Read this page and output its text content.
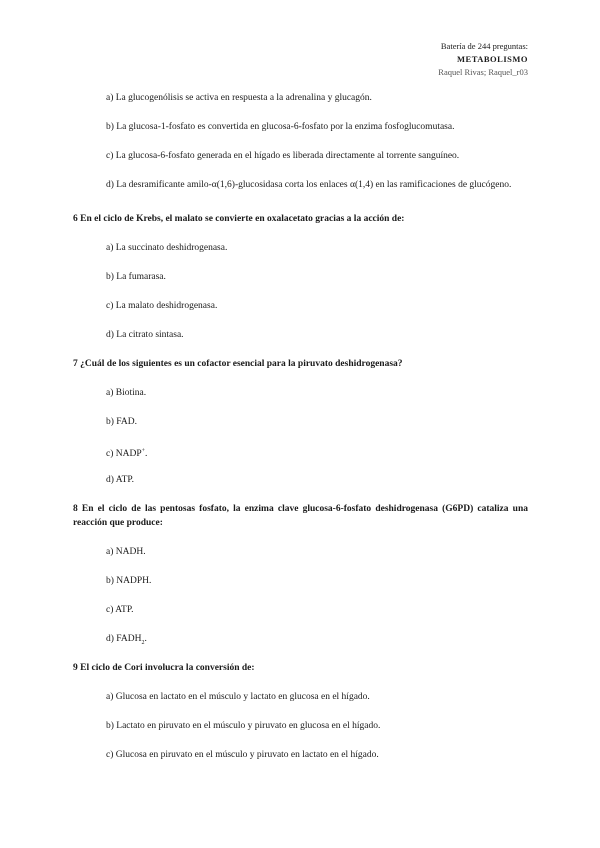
Batería de 244 preguntas:
METABOLISMO
Raquel Rivas; Raquel_r03
a) La glucogenólisis se activa en respuesta a la adrenalina y glucagón.
b) La glucosa-1-fosfato es convertida en glucosa-6-fosfato por la enzima fosfoglucomutasa.
c) La glucosa-6-fosfato generada en el hígado es liberada directamente al torrente sanguíneo.
d) La desramificante amilo-α(1,6)-glucosidasa corta los enlaces α(1,4) en las ramificaciones de glucógeno.
6 En el ciclo de Krebs, el malato se convierte en oxalacetato gracias a la acción de:
a) La succinato deshidrogenasa.
b) La fumarasa.
c) La malato deshidrogenasa.
d) La citrato sintasa.
7 ¿Cuál de los siguientes es un cofactor esencial para la piruvato deshidrogenasa?
a) Biotina.
b) FAD.
c) NADP+.
d) ATP.
8 En el ciclo de las pentosas fosfato, la enzima clave glucosa-6-fosfato deshidrogenasa (G6PD) cataliza una reacción que produce:
a) NADH.
b) NADPH.
c) ATP.
d) $FADH_2$.
9 El ciclo de Cori involucra la conversión de:
a) Glucosa en lactato en el músculo y lactato en glucosa en el hígado.
b) Lactato en piruvato en el músculo y piruvato en glucosa en el hígado.
c) Glucosa en piruvato en el músculo y piruvato en lactato en el hígado.
